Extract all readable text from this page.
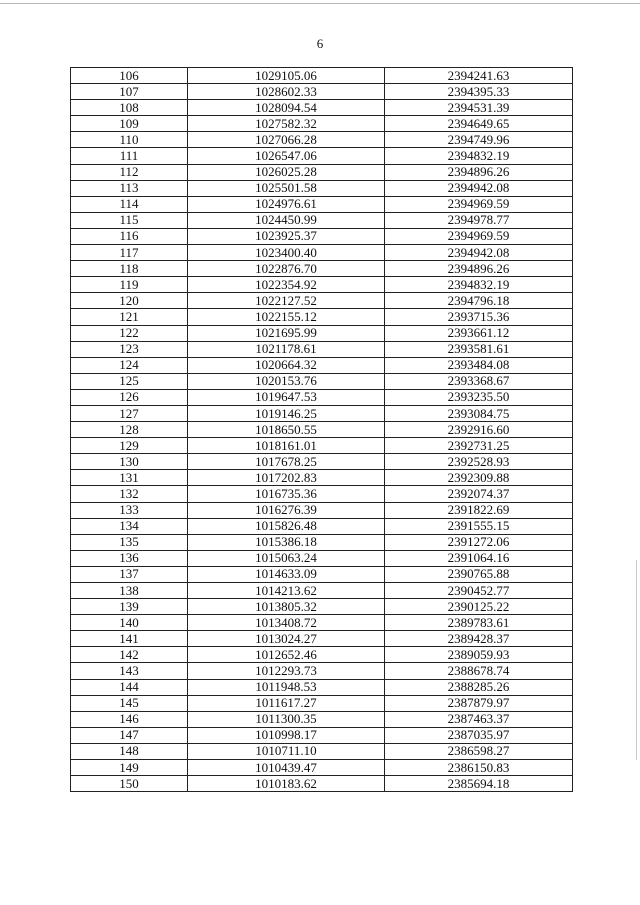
6
106	1029105.06	2394241.63
107	1028602.33	2394395.33
108	1028094.54	2394531.39
109	1027582.32	2394649.65
110	1027066.28	2394749.96
111	1026547.06	2394832.19
112	1026025.28	2394896.26
113	1025501.58	2394942.08
114	1024976.61	2394969.59
115	1024450.99	2394978.77
116	1023925.37	2394969.59
117	1023400.40	2394942.08
118	1022876.70	2394896.26
119	1022354.92	2394832.19
120	1022127.52	2394796.18
121	1022155.12	2393715.36
122	1021695.99	2393661.12
123	1021178.61	2393581.61
124	1020664.32	2393484.08
125	1020153.76	2393368.67
126	1019647.53	2393235.50
127	1019146.25	2393084.75
128	1018650.55	2392916.60
129	1018161.01	2392731.25
130	1017678.25	2392528.93
131	1017202.83	2392309.88
132	1016735.36	2392074.37
133	1016276.39	2391822.69
134	1015826.48	2391555.15
135	1015386.18	2391272.06
136	1015063.24	2391064.16
137	1014633.09	2390765.88
138	1014213.62	2390452.77
139	1013805.32	2390125.22
140	1013408.72	2389783.61
141	1013024.27	2389428.37
142	1012652.46	2389059.93
143	1012293.73	2388678.74
144	1011948.53	2388285.26
145	1011617.27	2387879.97
146	1011300.35	2387463.37
147	1010998.17	2387035.97
148	1010711.10	2386598.27
149	1010439.47	2386150.83
150	1010183.62	2385694.18
